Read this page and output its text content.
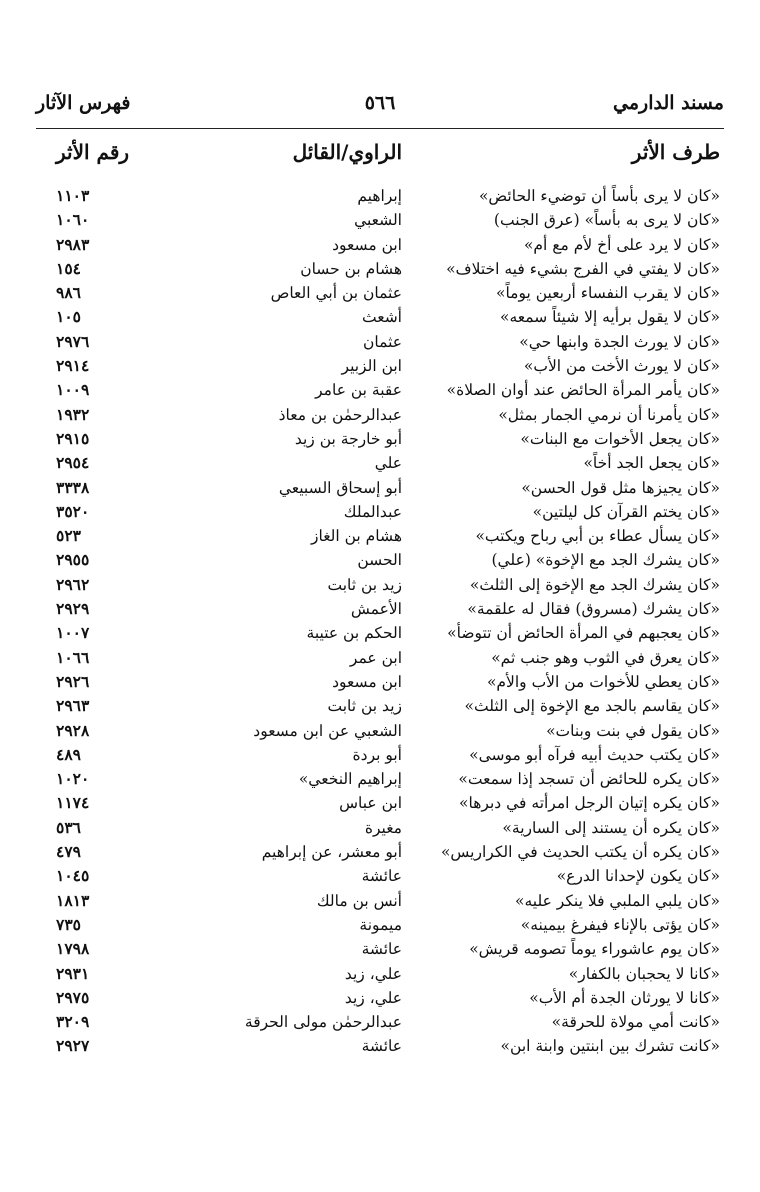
مسند الدارمي
٥٦٦
فهرس الآثار
طرف الأثر
الراوي/القائل
رقم الأثر
«كان لا يرى بأساً أن توضيء الحائض»
إبراهيم
١١٠٣
«كان لا يرى به بأساً» (عرق الجنب)
الشعبي
١٠٦٠
«كان لا يرد على أخ لأم مع أم»
ابن مسعود
٢٩٨٣
«كان لا يفتي في الفرج بشيء فيه اختلاف»
هشام بن حسان
١٥٤
«كان لا يقرب النفساء أربعين يوماً»
عثمان بن أبي العاص
٩٨٦
«كان لا يقول برأيه إلا شيئاً سمعه»
أشعث
١٠٥
«كان لا يورث الجدة وابنها حي»
عثمان
٢٩٧٦
«كان لا يورث الأخت من الأب»
ابن الزبير
٢٩١٤
«كان يأمر المرأة الحائض عند أوان الصلاة»
عقبة بن عامر
١٠٠٩
«كان يأمرنا أن نرمي الجمار بمثل»
عبدالرحمٰن بن معاذ
١٩٣٢
«كان يجعل الأخوات مع البنات»
أبو خارجة بن زيد
٢٩١٥
«كان يجعل الجد أخاً»
علي
٢٩٥٤
«كان يجيزها مثل قول الحسن»
أبو إسحاق السبيعي
٣٣٣٨
«كان يختم القرآن كل ليلتين»
عبدالملك
٣٥٢٠
«كان يسأل عطاء بن أبي رباح ويكتب»
هشام بن الغاز
٥٢٣
«كان يشرك الجد مع الإخوة» (علي)
الحسن
٢٩٥٥
«كان يشرك الجد مع الإخوة إلى الثلث»
زيد بن ثابت
٢٩٦٢
«كان يشرك (مسروق) فقال له علقمة»
الأعمش
٢٩٢٩
«كان يعجبهم في المرأة الحائض أن تتوضأ»
الحكم بن عتيبة
١٠٠٧
«كان يعرق في الثوب وهو جنب ثم»
ابن عمر
١٠٦٦
«كان يعطي للأخوات من الأب والأم»
ابن مسعود
٢٩٢٦
«كان يقاسم بالجد مع الإخوة إلى الثلث»
زيد بن ثابت
٢٩٦٣
«كان يقول في بنت وبنات»
الشعبي عن ابن مسعود
٢٩٢٨
«كان يكتب حديث أبيه فرآه أبو موسى»
أبو بردة
٤٨٩
«كان يكره للحائض أن تسجد إذا سمعت»
إبراهيم النخعي»
١٠٢٠
«كان يكره إتيان الرجل امرأته في دبرها»
ابن عباس
١١٧٤
«كان يكره أن يستند إلى السارية»
مغيرة
٥٣٦
«كان يكره أن يكتب الحديث في الكراريس»
أبو معشر، عن إبراهيم
٤٧٩
«كان يكون لإحدانا الدرع»
عائشة
١٠٤٥
«كان يلبي الملبي فلا ينكر عليه»
أنس بن مالك
١٨١٣
«كان يؤتى بالإناء فيفرغ بيمينه»
ميمونة
٧٣٥
«كان يوم عاشوراء يوماً تصومه قريش»
عائشة
١٧٩٨
«كانا لا يحجبان بالكفار»
علي، زيد
٢٩٣١
«كانا لا يورثان الجدة أم الأب»
علي، زيد
٢٩٧٥
«كانت أمي مولاة للحرقة»
عبدالرحمٰن مولى الحرقة
٣٢٠٩
«كانت تشرك بين ابنتين وابنة ابن»
عائشة
٢٩٢٧
